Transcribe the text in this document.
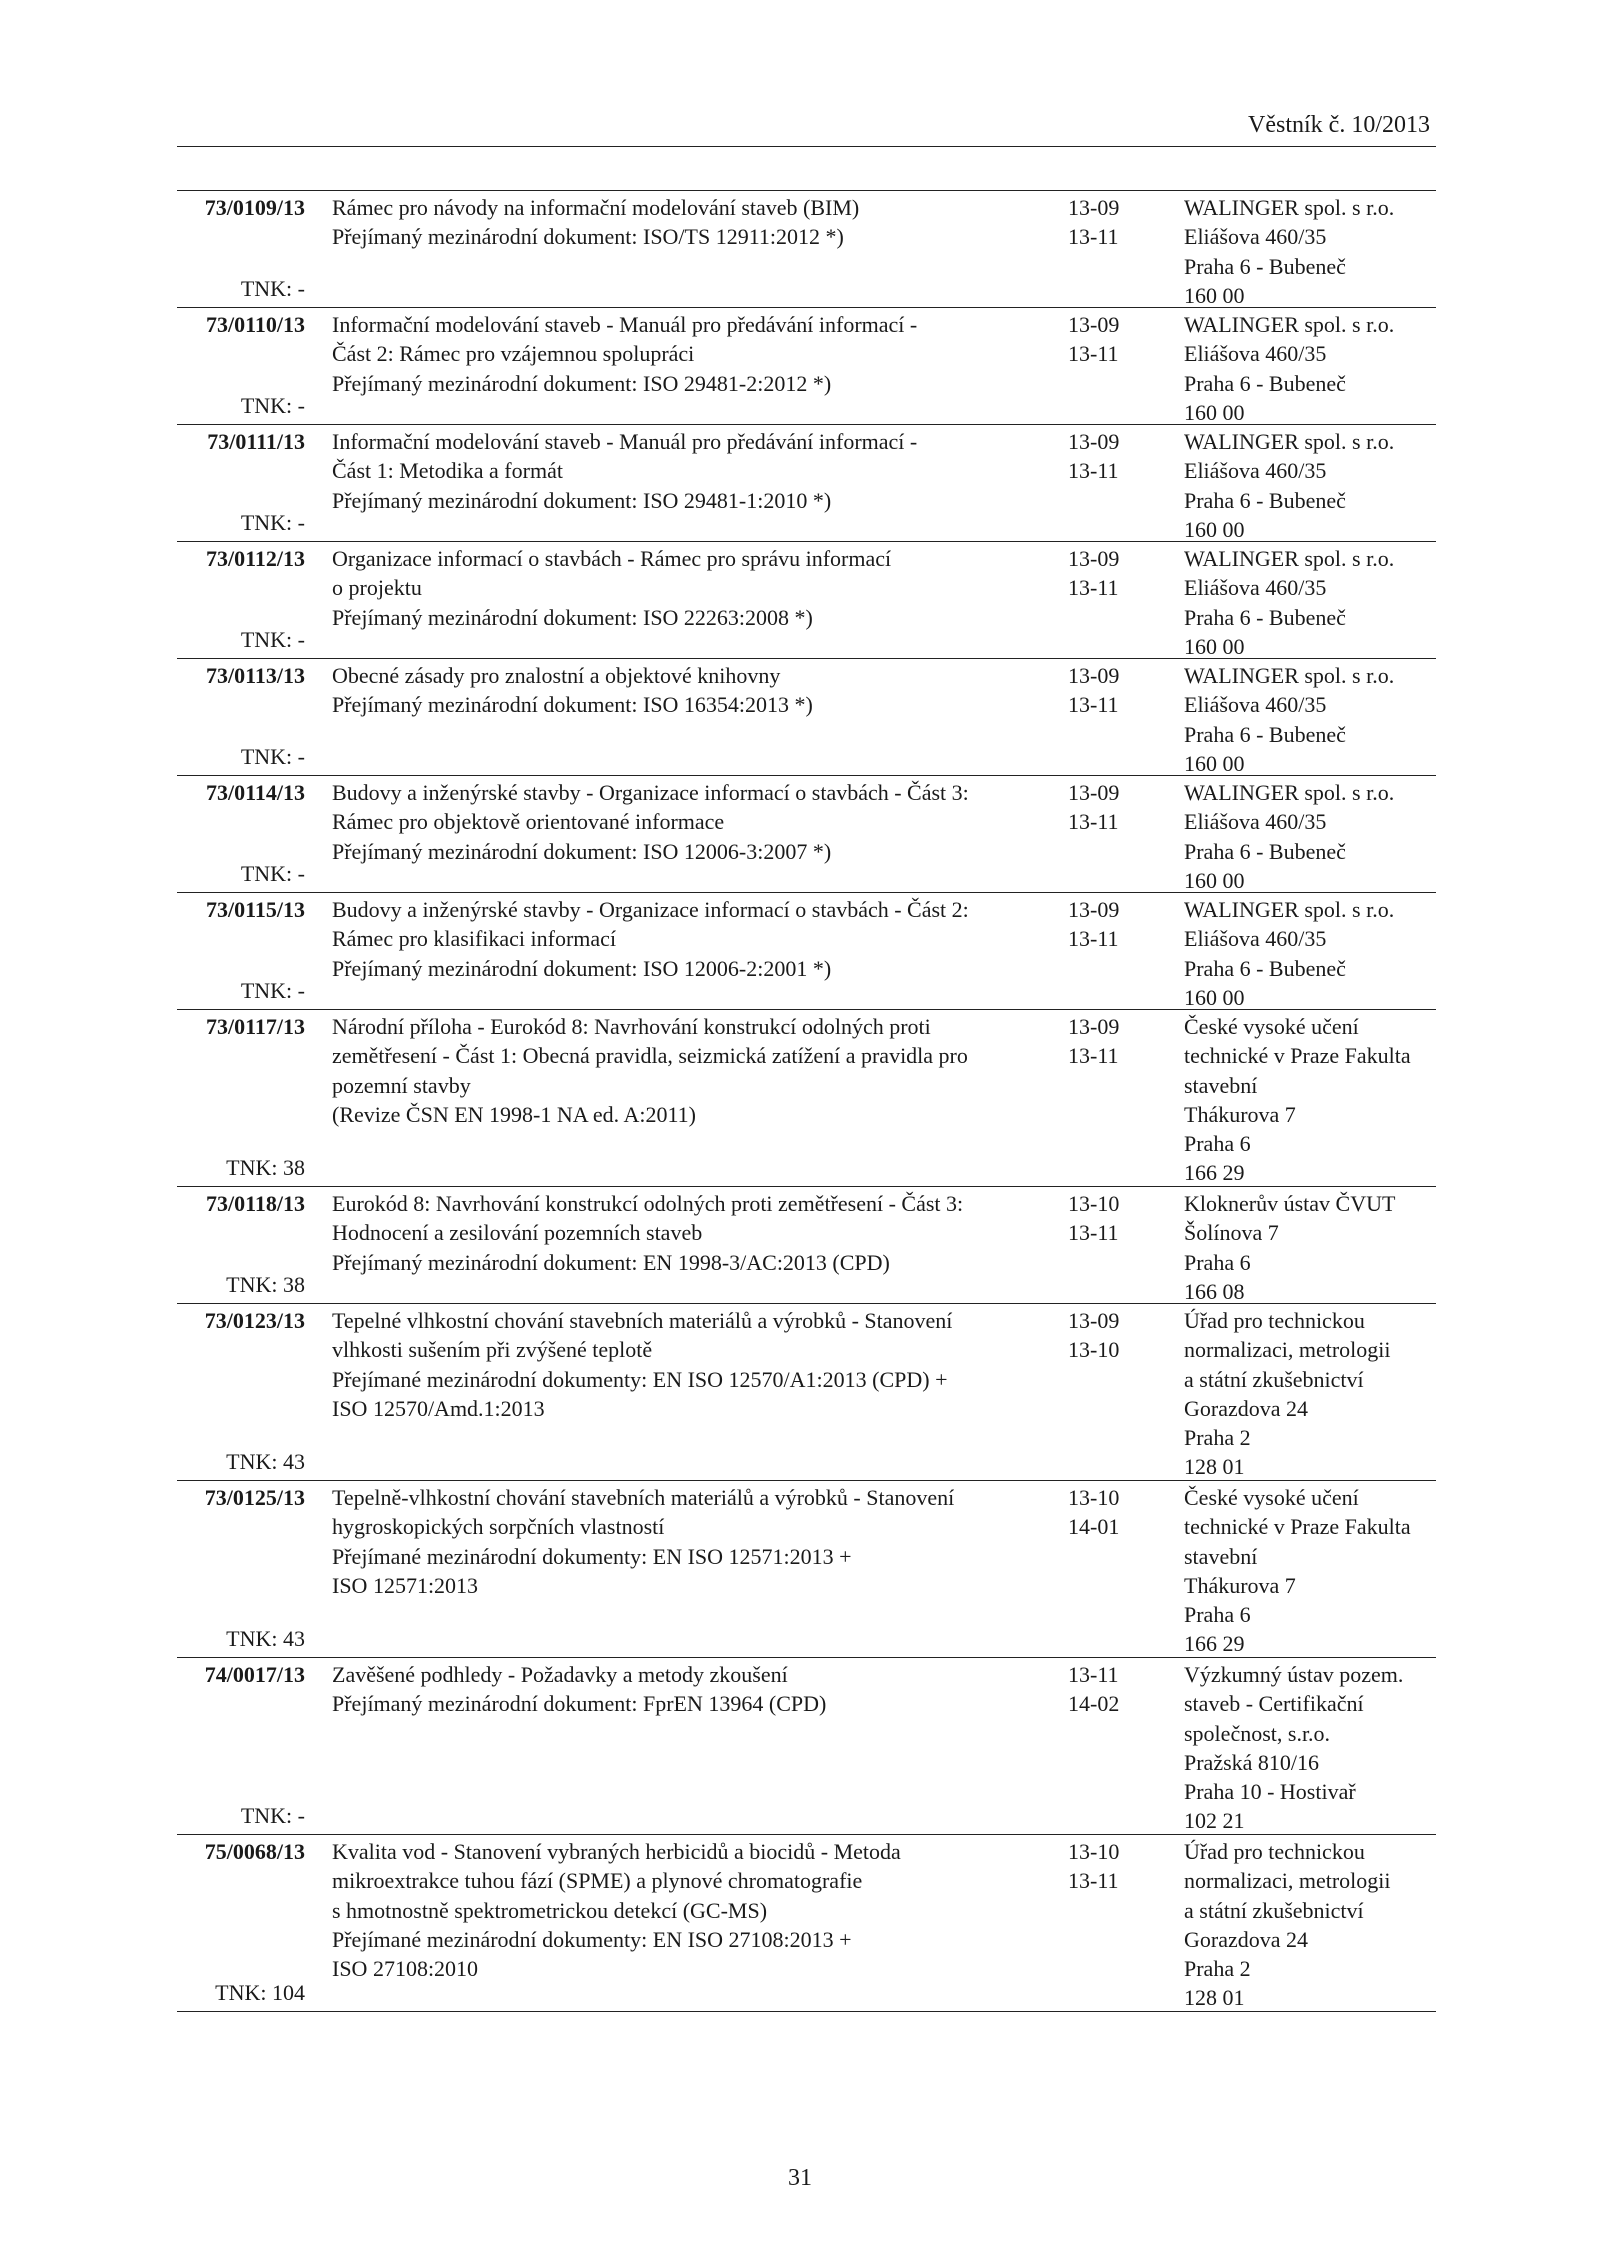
Věstník č. 10/2013
73/0109/13
TNK: -
Rámec pro návody na informační modelování staveb (BIM)
Přejímaný mezinárodní dokument: ISO/TS 12911:2012 *)
13-09
13-11
WALINGER spol. s r.o.
Eliášova 460/35
Praha 6 - Bubeneč
160 00
73/0110/13
TNK: -
Informační modelování staveb - Manuál pro předávání informací -
Část 2: Rámec pro vzájemnou spolupráci
Přejímaný mezinárodní dokument: ISO 29481-2:2012 *)
13-09
13-11
WALINGER spol. s r.o.
Eliášova 460/35
Praha 6 - Bubeneč
160 00
73/0111/13
TNK: -
Informační modelování staveb - Manuál pro předávání informací -
Část 1: Metodika a formát
Přejímaný mezinárodní dokument: ISO 29481-1:2010 *)
13-09
13-11
WALINGER spol. s r.o.
Eliášova 460/35
Praha 6 - Bubeneč
160 00
73/0112/13
TNK: -
Organizace informací o stavbách - Rámec pro správu informací
o projektu
Přejímaný mezinárodní dokument: ISO 22263:2008 *)
13-09
13-11
WALINGER spol. s r.o.
Eliášova 460/35
Praha 6 - Bubeneč
160 00
73/0113/13
TNK: -
Obecné zásady pro znalostní a objektové knihovny
Přejímaný mezinárodní dokument: ISO 16354:2013 *)
13-09
13-11
WALINGER spol. s r.o.
Eliášova 460/35
Praha 6 - Bubeneč
160 00
73/0114/13
TNK: -
Budovy a inženýrské stavby - Organizace informací o stavbách - Část 3:
Rámec pro objektově orientované informace
Přejímaný mezinárodní dokument: ISO 12006-3:2007 *)
13-09
13-11
WALINGER spol. s r.o.
Eliášova 460/35
Praha 6 - Bubeneč
160 00
73/0115/13
TNK: -
Budovy a inženýrské stavby - Organizace informací o stavbách - Část 2:
Rámec pro klasifikaci informací
Přejímaný mezinárodní dokument: ISO 12006-2:2001 *)
13-09
13-11
WALINGER spol. s r.o.
Eliášova 460/35
Praha 6 - Bubeneč
160 00
73/0117/13
TNK: 38
Národní příloha - Eurokód 8: Navrhování konstrukcí odolných proti
zemětřesení - Část 1: Obecná pravidla, seizmická zatížení a pravidla pro
pozemní stavby
(Revize ČSN EN 1998-1 NA ed. A:2011)
13-09
13-11
České vysoké učení
technické v Praze Fakulta
stavební
Thákurova 7
Praha 6
166 29
73/0118/13
TNK: 38
Eurokód 8: Navrhování konstrukcí odolných proti zemětřesení - Část 3:
Hodnocení a zesilování pozemních staveb
Přejímaný mezinárodní dokument: EN 1998-3/AC:2013 (CPD)
13-10
13-11
Kloknerův ústav ČVUT
Šolínova 7
Praha 6
166 08
73/0123/13
TNK: 43
Tepelné vlhkostní chování stavebních materiálů a výrobků - Stanovení
vlhkosti sušením při zvýšené teplotě
Přejímané mezinárodní dokumenty: EN ISO 12570/A1:2013 (CPD) +
ISO 12570/Amd.1:2013
13-09
13-10
Úřad pro technickou
normalizaci, metrologii
a státní zkušebnictví
Gorazdova 24
Praha 2
128 01
73/0125/13
TNK: 43
Tepelně-vlhkostní chování stavebních materiálů a výrobků - Stanovení
hygroskopických sorpčních vlastností
Přejímané mezinárodní dokumenty: EN ISO 12571:2013 +
ISO 12571:2013
13-10
14-01
České vysoké učení
technické v Praze Fakulta
stavební
Thákurova 7
Praha 6
166 29
74/0017/13
TNK: -
Zavěšené podhledy - Požadavky a metody zkoušení
Přejímaný mezinárodní dokument: FprEN 13964 (CPD)
13-11
14-02
Výzkumný ústav pozem.
staveb - Certifikační
společnost, s.r.o.
Pražská 810/16
Praha 10 - Hostivař
102 21
75/0068/13
TNK: 104
Kvalita vod - Stanovení vybraných herbicidů a biocidů - Metoda
mikroextrakce tuhou fází (SPME) a plynové chromatografie
s hmotnostně spektrometrickou detekcí (GC-MS)
Přejímané mezinárodní dokumenty: EN ISO 27108:2013 +
ISO 27108:2010
13-10
13-11
Úřad pro technickou
normalizaci, metrologii
a státní zkušebnictví
Gorazdova 24
Praha 2
128 01
31
